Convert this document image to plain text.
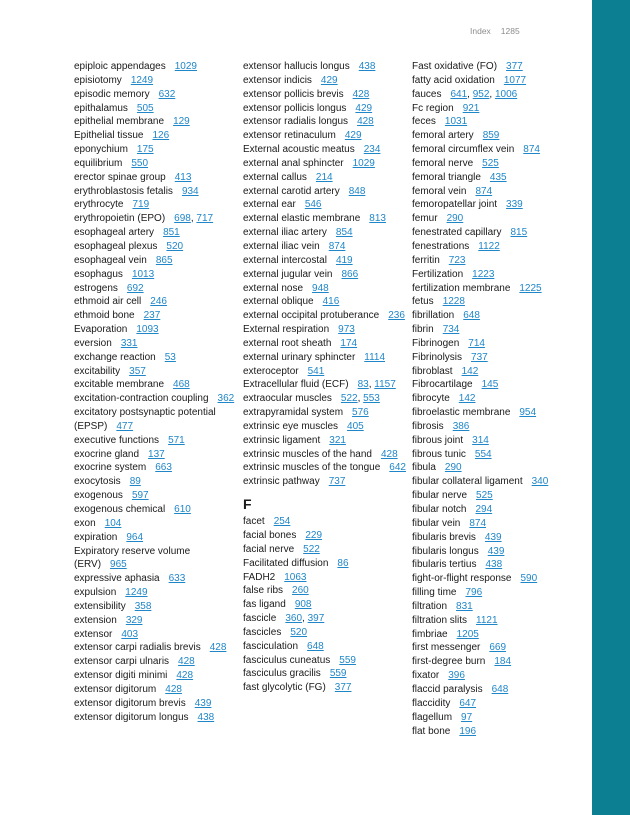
Index 1285
epiploic appendages 1029
episiotomy 1249
episodic memory 632
epithalamus 505
epithelial membrane 129
Epithelial tissue 126
eponychium 175
equilibrium 550
erector spinae group 413
erythroblastosis fetalis 934
erythrocyte 719
erythropoietin (EPO) 698, 717
esophageal artery 851
esophageal plexus 520
esophageal vein 865
esophagus 1013
estrogens 692
ethmoid air cell 246
ethmoid bone 237
Evaporation 1093
eversion 331
exchange reaction 53
excitability 357
excitable membrane 468
excitation-contraction coupling 362
excitatory postsynaptic potential (EPSP) 477
executive functions 571
exocrine gland 137
exocrine system 663
exocytosis 89
exogenous 597
exogenous chemical 610
exon 104
expiration 964
Expiratory reserve volume (ERV) 965
expressive aphasia 633
expulsion 1249
extensibility 358
extension 329
extensor 403
extensor carpi radialis brevis 428
extensor carpi ulnaris 428
extensor digiti minimi 428
extensor digitorum 428
extensor digitorum brevis 439
extensor digitorum longus 438
extensor hallucis longus 438
extensor indicis 429
extensor pollicis brevis 428
extensor pollicis longus 429
extensor radialis longus 428
extensor retinaculum 429
External acoustic meatus 234
external anal sphincter 1029
external callus 214
external carotid artery 848
external ear 546
external elastic membrane 813
external iliac artery 854
external iliac vein 874
external intercostal 419
external jugular vein 866
external nose 948
external oblique 416
external occipital protuberance 236
External respiration 973
external root sheath 174
external urinary sphincter 1114
exteroceptor 541
Extracellular fluid (ECF) 83, 1157
extraocular muscles 522, 553
extrapyramidal system 576
extrinsic eye muscles 405
extrinsic ligament 321
extrinsic muscles of the hand 428
extrinsic muscles of the tongue 642
extrinsic pathway 737
F
facet 254
facial bones 229
facial nerve 522
Facilitated diffusion 86
FADH2 1063
false ribs 260
fas ligand 908
fascicle 360, 397
fascicles 520
fasciculation 648
fasciculus cuneatus 559
fasciculus gracilis 559
fast glycolytic (FG) 377
Fast oxidative (FO) 377
fatty acid oxidation 1077
fauces 641, 952, 1006
Fc region 921
feces 1031
femoral artery 859
femoral circumflex vein 874
femoral nerve 525
femoral triangle 435
femoral vein 874
femoropatellar joint 339
femur 290
fenestrated capillary 815
fenestrations 1122
ferritin 723
Fertilization 1223
fertilization membrane 1225
fetus 1228
fibrillation 648
fibrin 734
Fibrinogen 714
Fibrinolysis 737
fibroblast 142
Fibrocartilage 145
fibrocyte 142
fibroelastic membrane 954
fibrosis 386
fibrous joint 314
fibrous tunic 554
fibula 290
fibular collateral ligament 340
fibular nerve 525
fibular notch 294
fibular vein 874
fibularis brevis 439
fibularis longus 439
fibularis tertius 438
fight-or-flight response 590
filling time 796
filtration 831
filtration slits 1121
fimbriae 1205
first messenger 669
first-degree burn 184
fixator 396
flaccid paralysis 648
flaccidity 647
flagellum 97
flat bone 196
